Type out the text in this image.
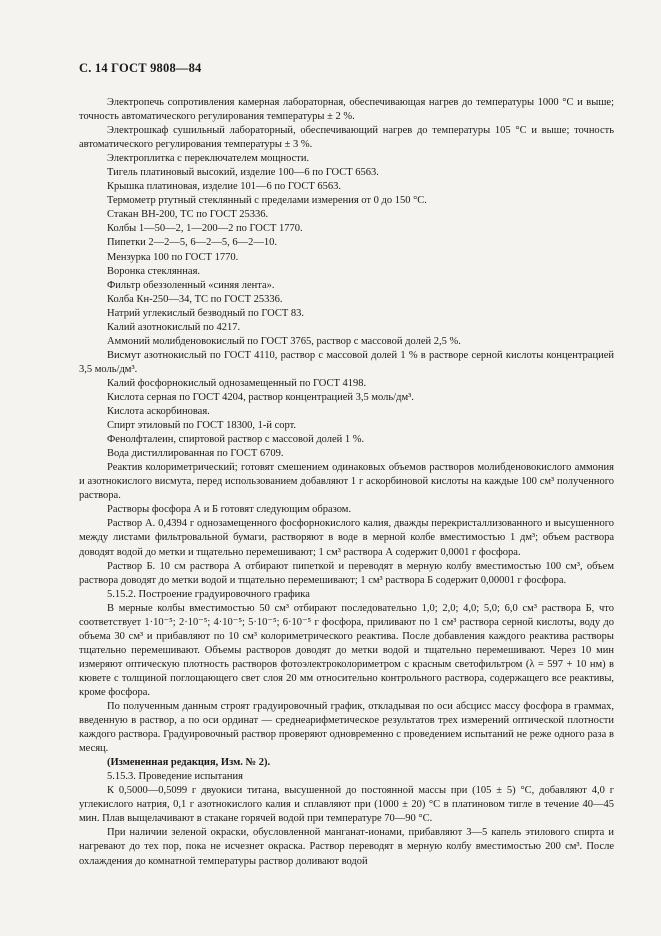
С. 14 ГОСТ 9808—84

Электропечь сопротивления камерная лабораторная, обеспечивающая нагрев до температуры 1000 °С и выше; точность автоматического регулирования температуры ± 2 %.

Электрошкаф сушильный лабораторный, обеспечивающий нагрев до температуры 105 °С и выше; точность автоматического регулирования температуры ± 3 %.

Электроплитка с переключателем мощности.

Тигель платиновый высокий, изделие 100—6 по ГОСТ 6563.

Крышка платиновая, изделие 101—6 по ГОСТ 6563.

Термометр ртутный стеклянный с пределами измерения от 0 до 150 °С.

Стакан ВН-200, ТС по ГОСТ 25336.

Колбы 1—50—2, 1—200—2 по ГОСТ 1770.

Пипетки 2—2—5, 6—2—5, 6—2—10.

Мензурка 100 по ГОСТ 1770.

Воронка стеклянная.

Фильтр обеззоленный «синяя лента».

Колба Кн-250—34, ТС по ГОСТ 25336.

Натрий углекислый безводный по ГОСТ 83.

Калий азотнокислый по 4217.

Аммоний молибденовокислый по ГОСТ 3765, раствор с массовой долей 2,5 %.

Висмут азотнокислый по ГОСТ 4110, раствор с массовой долей 1 % в растворе серной кислоты концентрацией 3,5 моль/дм³.

Калий фосфорнокислый однозамещенный по ГОСТ 4198.

Кислота серная по ГОСТ 4204, раствор концентрацией 3,5 моль/дм³.

Кислота аскорбиновая.

Спирт этиловый по ГОСТ 18300, 1-й сорт.

Фенолфталеин, спиртовой раствор с массовой долей 1 %.

Вода дистиллированная по ГОСТ 6709.

Реактив колориметрический; готовят смешением одинаковых объемов растворов молибденовокислого аммония и азотнокислого висмута, перед использованием добавляют 1 г аскорбиновой кислоты на каждые 100 см³ полученного раствора.

Растворы фосфора А и Б готовят следующим образом.

Раствор А. 0,4394 г однозамещенного фосфорнокислого калия, дважды перекристаллизованного и высушенного между листами фильтровальной бумаги, растворяют в воде в мерной колбе вместимостью 1 дм³; объем раствора доводят водой до метки и тщательно перемешивают; 1 см³ раствора А содержит 0,0001 г фосфора.

Раствор Б. 10 см раствора А отбирают пипеткой и переводят в мерную колбу вместимостью 100 см³, объем раствора доводят до метки водой и тщательно перемешивают; 1 см³ раствора Б содержит 0,00001 г фосфора.

5.15.2. Построение градуировочного графика

В мерные колбы вместимостью 50 см³ отбирают последовательно 1,0; 2,0; 4,0; 5,0; 6,0 см³ раствора Б, что соответствует 1·10⁻⁵; 2·10⁻⁵; 4·10⁻⁵; 5·10⁻⁵; 6·10⁻⁵ г фосфора, приливают по 1 см³ раствора серной кислоты, воду до объема 30 см³ и прибавляют по 10 см³ колориметрического реактива. После добавления каждого реактива растворы тщательно перемешивают. Объемы растворов доводят до метки водой и тщательно перемешивают. Через 10 мин измеряют оптическую плотность растворов фотоэлектроколориметром с красным светофильтром (λ = 597 + 10 нм) в кювете с толщиной поглощающего свет слоя 20 мм относительно контрольного раствора, содержащего все реактивы, кроме фосфора.

По полученным данным строят градуировочный график, откладывая по оси абсцисс массу фосфора в граммах, введенную в раствор, а по оси ординат — среднеарифметическое результатов трех измерений оптической плотности каждого раствора. Градуировочный раствор проверяют одновременно с проведением испытаний не реже одного раза в месяц.

(Измененная редакция, Изм. № 2).

5.15.3. Проведение испытания

К 0,5000—0,5099 г двуокиси титана, высушенной до постоянной массы при (105 ± 5) °С, добавляют 4,0 г углекислого натрия, 0,1 г азотнокислого калия и сплавляют при (1000 ± 20) °С в платиновом тигле в течение 40—45 мин. Плав выщелачивают в стакане горячей водой при температуре 70—90 °С.

При наличии зеленой окраски, обусловленной манганат-ионами, прибавляют 3—5 капель этилового спирта и нагревают до тех пор, пока не исчезнет окраска. Раствор переводят в мерную колбу вместимостью 200 см³. После охлаждения до комнатной температуры раствор доливают водой
